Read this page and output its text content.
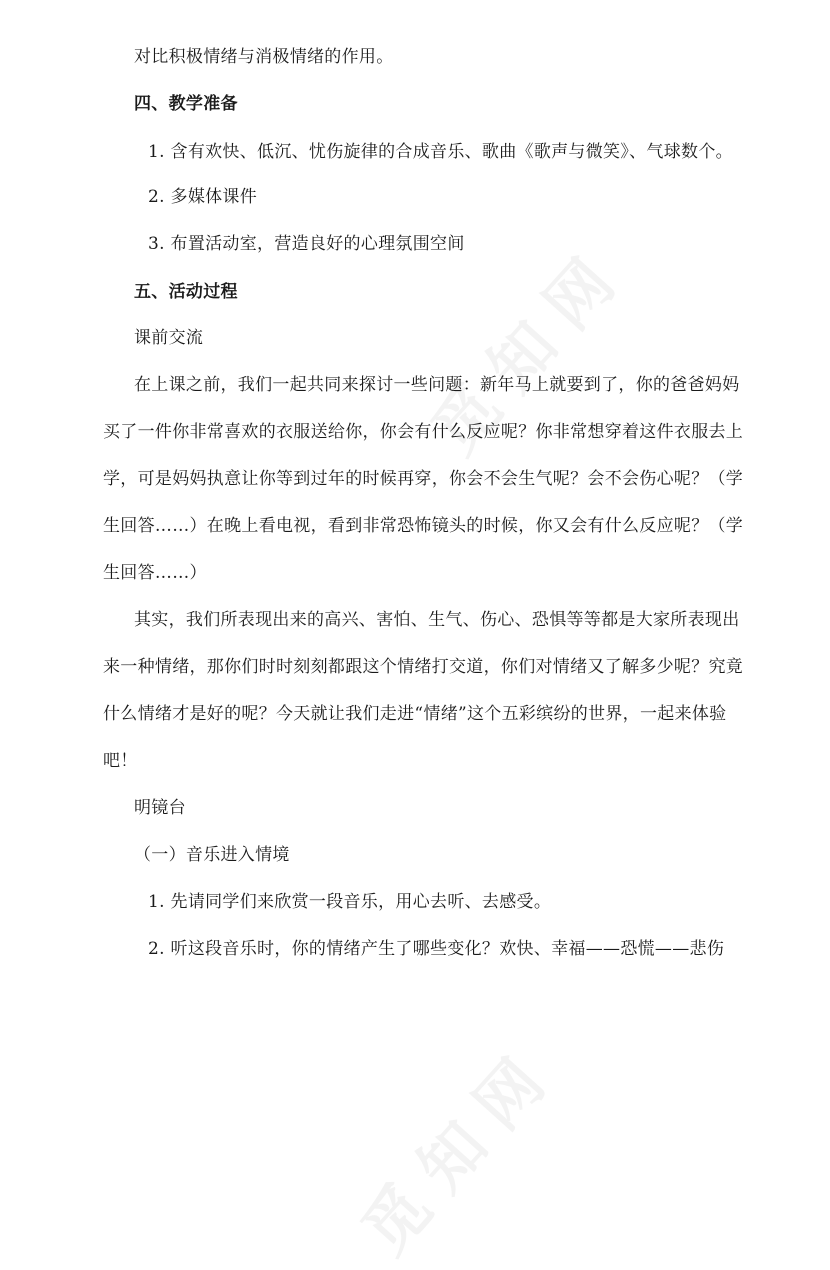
对比积极情绪与消极情绪的作用。
四、教学准备
1. 含有欢快、低沉、忧伤旋律的合成音乐、歌曲《歌声与微笑》、气球数个。
2. 多媒体课件
3. 布置活动室，营造良好的心理氛围空间
五、活动过程
课前交流
在上课之前，我们一起共同来探讨一些问题：新年马上就要到了，你的爸爸妈妈
买了一件你非常喜欢的衣服送给你，你会有什么反应呢？你非常想穿着这件衣服去上
学，可是妈妈执意让你等到过年的时候再穿，你会不会生气呢？会不会伤心呢？（学
生回答……）在晚上看电视，看到非常恐怖镜头的时候，你又会有什么反应呢？（学
生回答……）
其实，我们所表现出来的高兴、害怕、生气、伤心、恐惧等等都是大家所表现出
来一种情绪，那你们时时刻刻都跟这个情绪打交道，你们对情绪又了解多少呢？究竟
什么情绪才是好的呢？今天就让我们走进“情绪”这个五彩缤纷的世界，一起来体验
吧！
明镜台
（一）音乐进入情境
1. 先请同学们来欣赏一段音乐，用心去听、去感受。
2. 听这段音乐时，你的情绪产生了哪些变化？欢快、幸福——恐慌——悲伤
